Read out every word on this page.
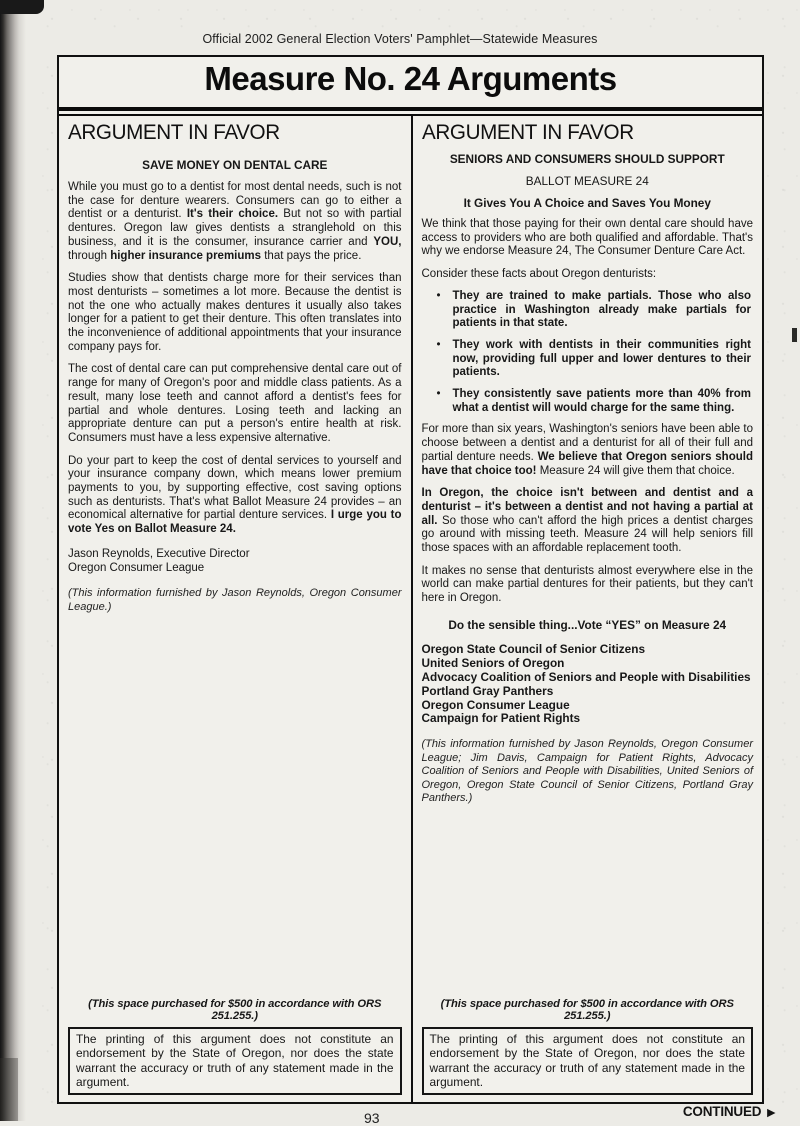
Official 2002 General Election Voters' Pamphlet—Statewide Measures
Measure No. 24 Arguments
ARGUMENT IN FAVOR
SAVE MONEY ON DENTAL CARE
While you must go to a dentist for most dental needs, such is not the case for denture wearers. Consumers can go to either a dentist or a denturist. It's their choice. But not so with partial dentures. Oregon law gives dentists a stranglehold on this business, and it is the consumer, insurance carrier and YOU, through higher insurance premiums that pays the price.
Studies show that dentists charge more for their services than most denturists – sometimes a lot more. Because the dentist is not the one who actually makes dentures it usually also takes longer for a patient to get their denture. This often translates into the inconvenience of additional appointments that your insurance company pays for.
The cost of dental care can put comprehensive dental care out of range for many of Oregon's poor and middle class patients. As a result, many lose teeth and cannot afford a dentist's fees for partial and whole dentures. Losing teeth and lacking an appropriate denture can put a person's entire health at risk. Consumers must have a less expensive alternative.
Do your part to keep the cost of dental services to yourself and your insurance company down, which means lower premium payments to you, by supporting effective, cost saving options such as denturists. That's what Ballot Measure 24 provides – an economical alternative for partial denture services. I urge you to vote Yes on Ballot Measure 24.
Jason Reynolds, Executive Director
Oregon Consumer League
(This information furnished by Jason Reynolds, Oregon Consumer League.)
(This space purchased for $500 in accordance with ORS 251.255.)
The printing of this argument does not constitute an endorsement by the State of Oregon, nor does the state warrant the accuracy or truth of any statement made in the argument.
ARGUMENT IN FAVOR
SENIORS AND CONSUMERS SHOULD SUPPORT
BALLOT MEASURE 24
It Gives You A Choice and Saves You Money
We think that those paying for their own dental care should have access to providers who are both qualified and affordable. That's why we endorse Measure 24, The Consumer Denture Care Act.
Consider these facts about Oregon denturists:
• They are trained to make partials. Those who also practice in Washington already make partials for patients in that state.
• They work with dentists in their communities right now, providing full upper and lower dentures to their patients.
• They consistently save patients more than 40% from what a dentist will would charge for the same thing.
For more than six years, Washington's seniors have been able to choose between a dentist and a denturist for all of their full and partial denture needs. We believe that Oregon seniors should have that choice too! Measure 24 will give them that choice.
In Oregon, the choice isn't between and dentist and a denturist – it's between a dentist and not having a partial at all. So those who can't afford the high prices a dentist charges go around with missing teeth. Measure 24 will help seniors fill those spaces with an affordable replacement tooth.
It makes no sense that denturists almost everywhere else in the world can make partial dentures for their patients, but they can't here in Oregon.
Do the sensible thing...Vote “YES” on Measure 24
Oregon State Council of Senior Citizens
United Seniors of Oregon
Advocacy Coalition of Seniors and People with Disabilities
Portland Gray Panthers
Oregon Consumer League
Campaign for Patient Rights
(This information furnished by Jason Reynolds, Oregon Consumer League; Jim Davis, Campaign for Patient Rights, Advocacy Coalition of Seniors and People with Disabilities, United Seniors of Oregon, Oregon State Council of Senior Citizens, Portland Gray Panthers.)
(This space purchased for $500 in accordance with ORS 251.255.)
The printing of this argument does not constitute an endorsement by the State of Oregon, nor does the state warrant the accuracy or truth of any statement made in the argument.
93	CONTINUED ►
